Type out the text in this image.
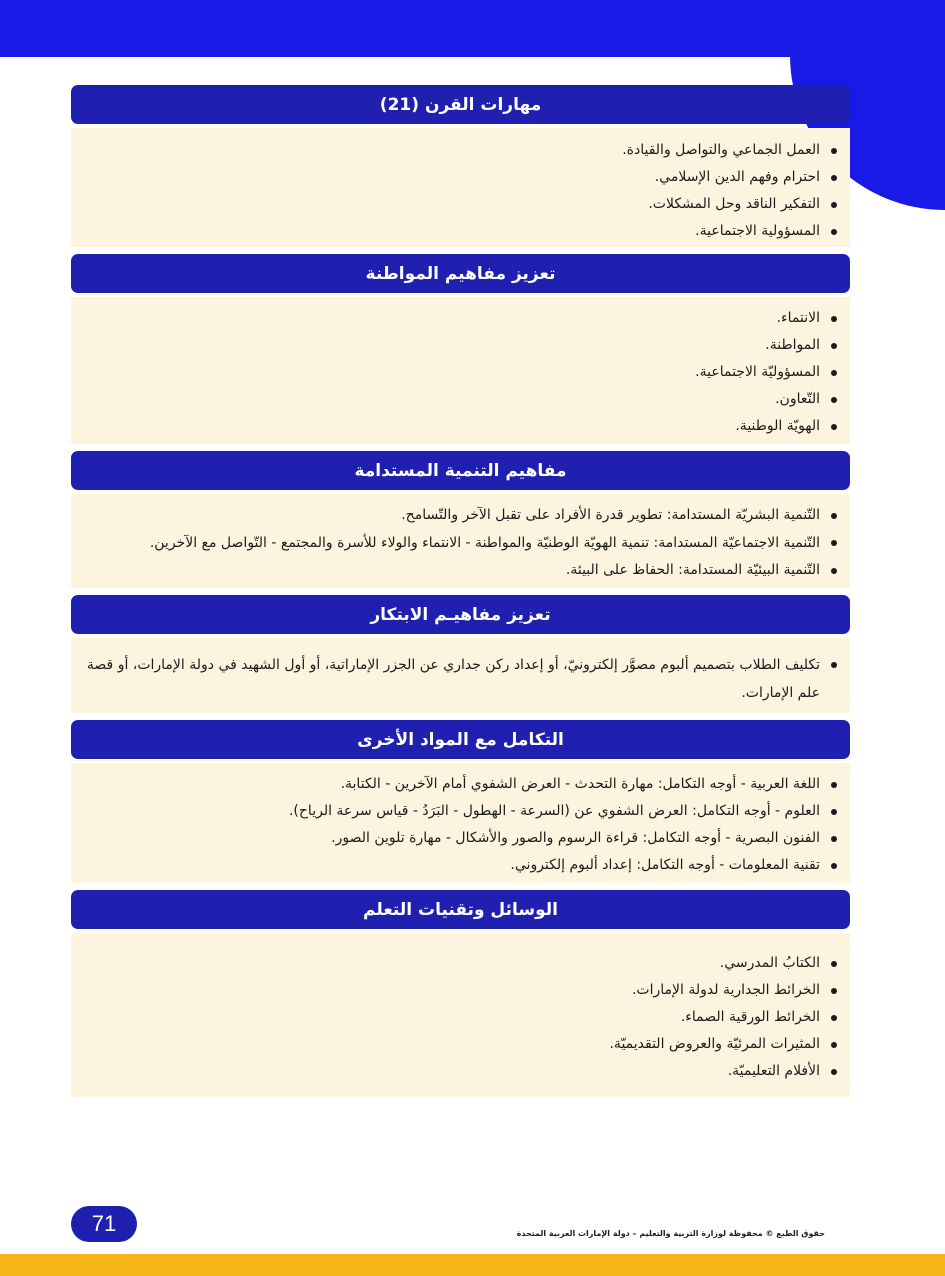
مهارات القرن (21)
العمل الجماعي والتواصل والقيادة.
احترام وفهم الدين الإسلامي.
التفكير الناقد وحل المشكلات.
المسؤولية الاجتماعية.
تعزيز مفاهيم المواطنة
الانتماء.
المواطنة.
المسؤوليّة الاجتماعية.
التّعاون.
الهويّة الوطنية.
مفاهيم التنمية المستدامة
التّنمية البشريّة المستدامة: تطوير قدرة الأفراد على تقبل الآخر والتّسامح.
التّنمية الاجتماعيّة المستدامة: تنمية الهويّة الوطنيّة والمواطنة - الانتماء والولاء للأسرة والمجتمع - التّواصل مع الآخرين.
التّنمية البيئيّة المستدامة: الحفاظ على البيئة.
تعزيز مفاهيـم الابتكار
تكليف الطلاب بتصميم ألبوم مصوَّر إلكترونيّ، أو إعداد ركن جداري عن الجزر الإماراتية، أو أول الشهيد في دولة الإمارات، أو قصة علم الإمارات.
التكامل مع المواد الأخرى
اللغة العربية - أوجه التكامل: مهارة التحدث - العرض الشفوي أمام الآخرين - الكتابة.
العلوم - أوجه التكامل: العرض الشفوي عن (السرعة - الهطول - البَرَدُ - قياس سرعة الرياح).
الفنون البصرية - أوجه التكامل: قراءة الرسوم والصور والأشكال - مهارة تلوين الصور.
تقنية المعلومات - أوجه التكامل: إعداد ألبوم إلكتروني.
الوسائل وتقنيات التعلم
الكتابُ المدرسي.
الخرائط الجدارية لدولة الإمارات.
الخرائط الورقية الصماء.
المثيرات المرئيّة والعروض التقديميّة.
الأفلام التعليميّة.
71	حقوق الطبع © محفوظة لوزارة التربية والتعليم – دولة الإمارات العربية المتحدة
